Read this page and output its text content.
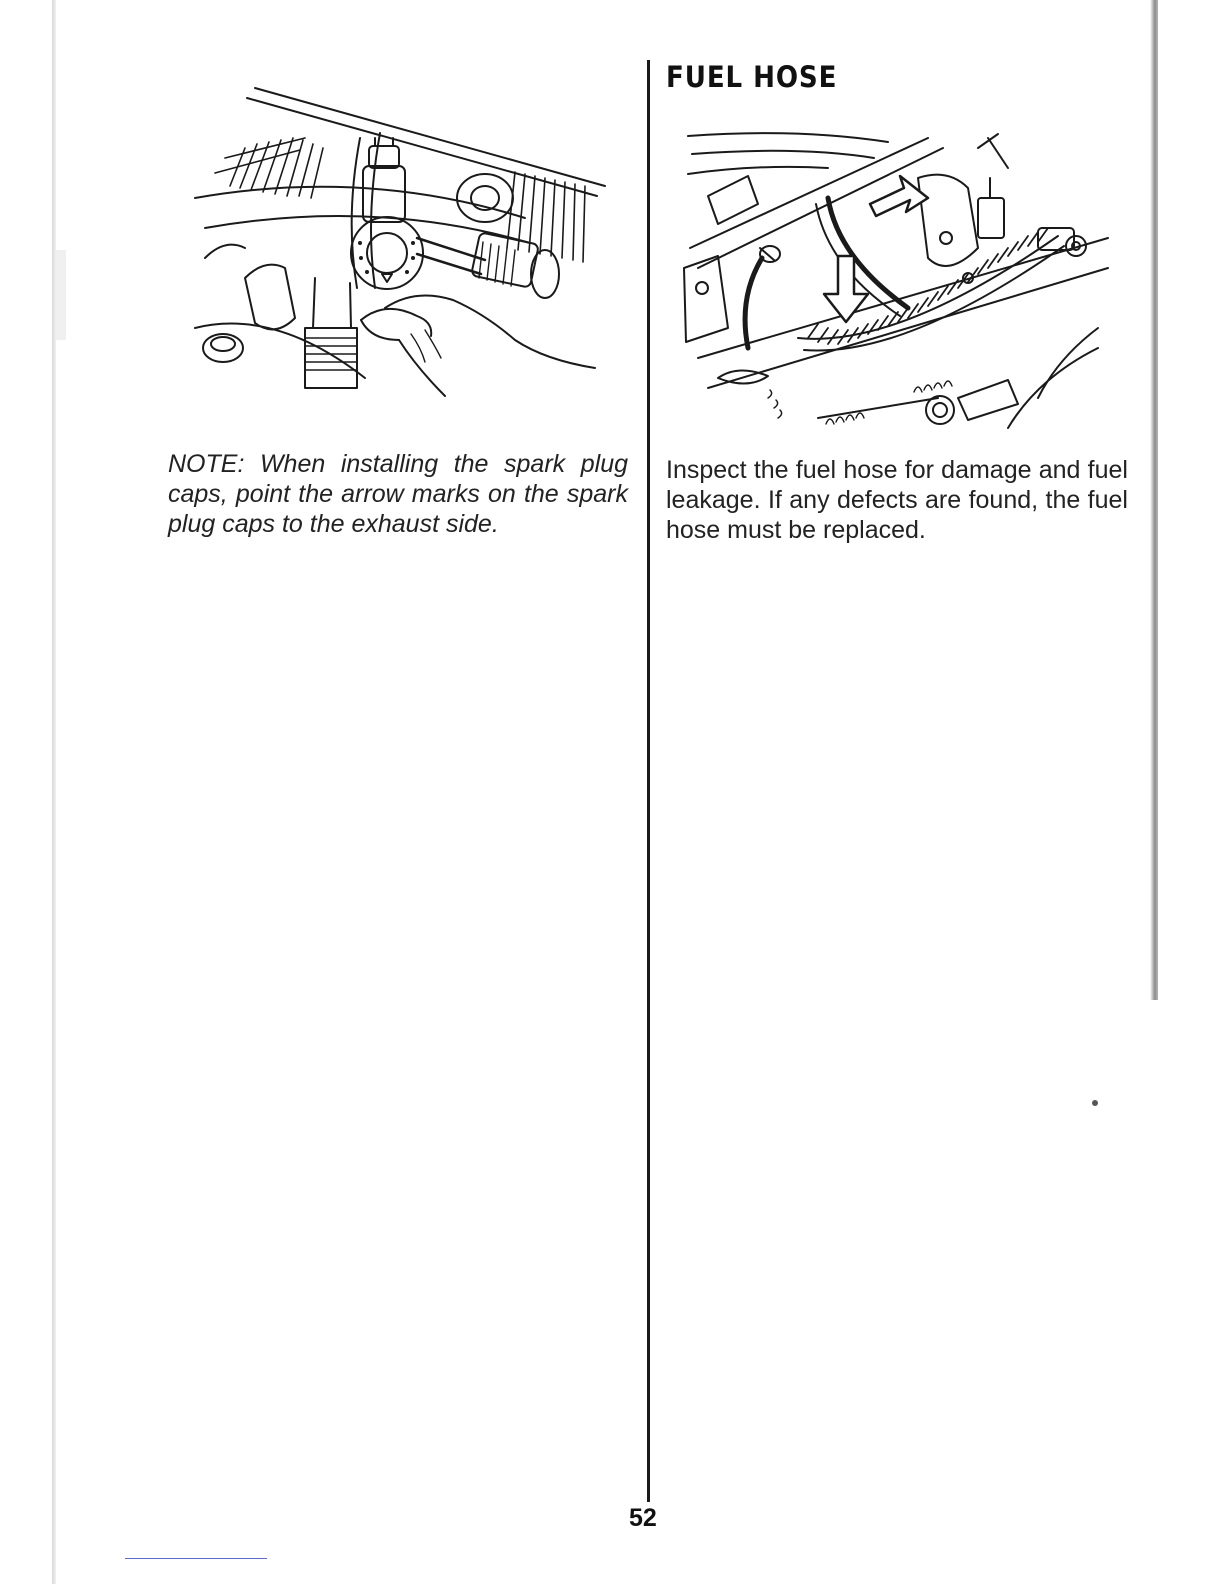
NOTE: When installing the spark plug caps, point the arrow marks on the spark plug caps to the exhaust side.

FUEL HOSE

Inspect the fuel hose for damage and fuel leakage. If any defects are found, the fuel hose must be replaced.

52
